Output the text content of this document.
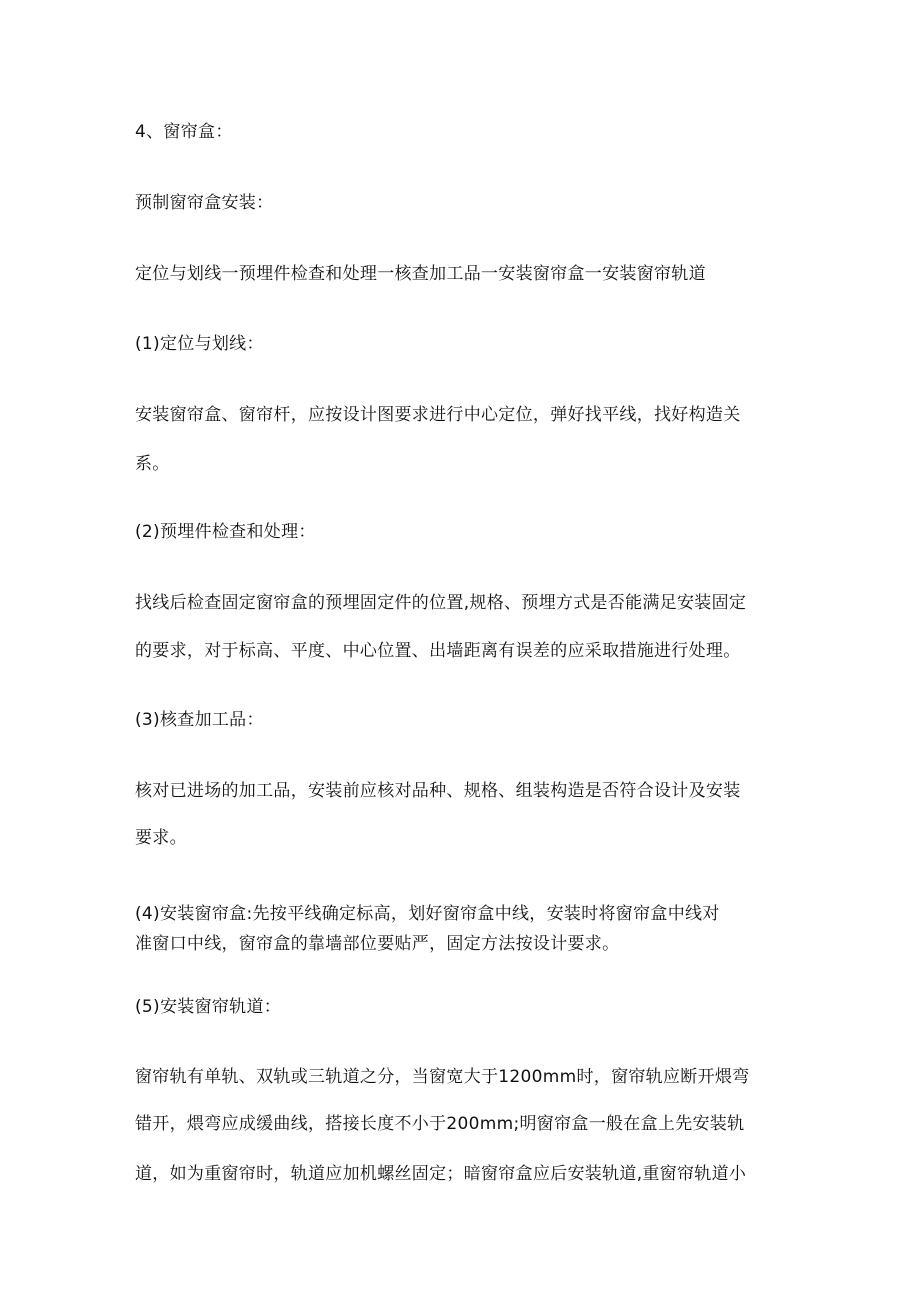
4、窗帘盒：
预制窗帘盒安装：
定位与划线一预埋件检查和处理一核查加工品一安装窗帘盒一安装窗帘轨道
(1)定位与划线：
安装窗帘盒、窗帘杆，应按设计图要求进行中心定位，弹好找平线，找好构造关
系。
(2)预埋件检查和处理：
找线后检查固定窗帘盒的预埋固定件的位置,规格、预埋方式是否能满足安装固定
的要求，对于标高、平度、中心位置、出墙距离有误差的应采取措施进行处理。
(3)核查加工品：
核对已进场的加工品，安装前应核对品种、规格、组装构造是否符合设计及安装
要求。
(4)安装窗帘盒:先按平线确定标高，划好窗帘盒中线，安装时将窗帘盒中线对
准窗口中线，窗帘盒的靠墙部位要贴严，固定方法按设计要求。
(5)安装窗帘轨道：
窗帘轨有单轨、双轨或三轨道之分，当窗宽大于1200mm时，窗帘轨应断开煨弯
错开，煨弯应成缓曲线，搭接长度不小于200mm;明窗帘盒一般在盒上先安装轨
道，如为重窗帘时，轨道应加机螺丝固定；暗窗帘盒应后安装轨道,重窗帘轨道小
